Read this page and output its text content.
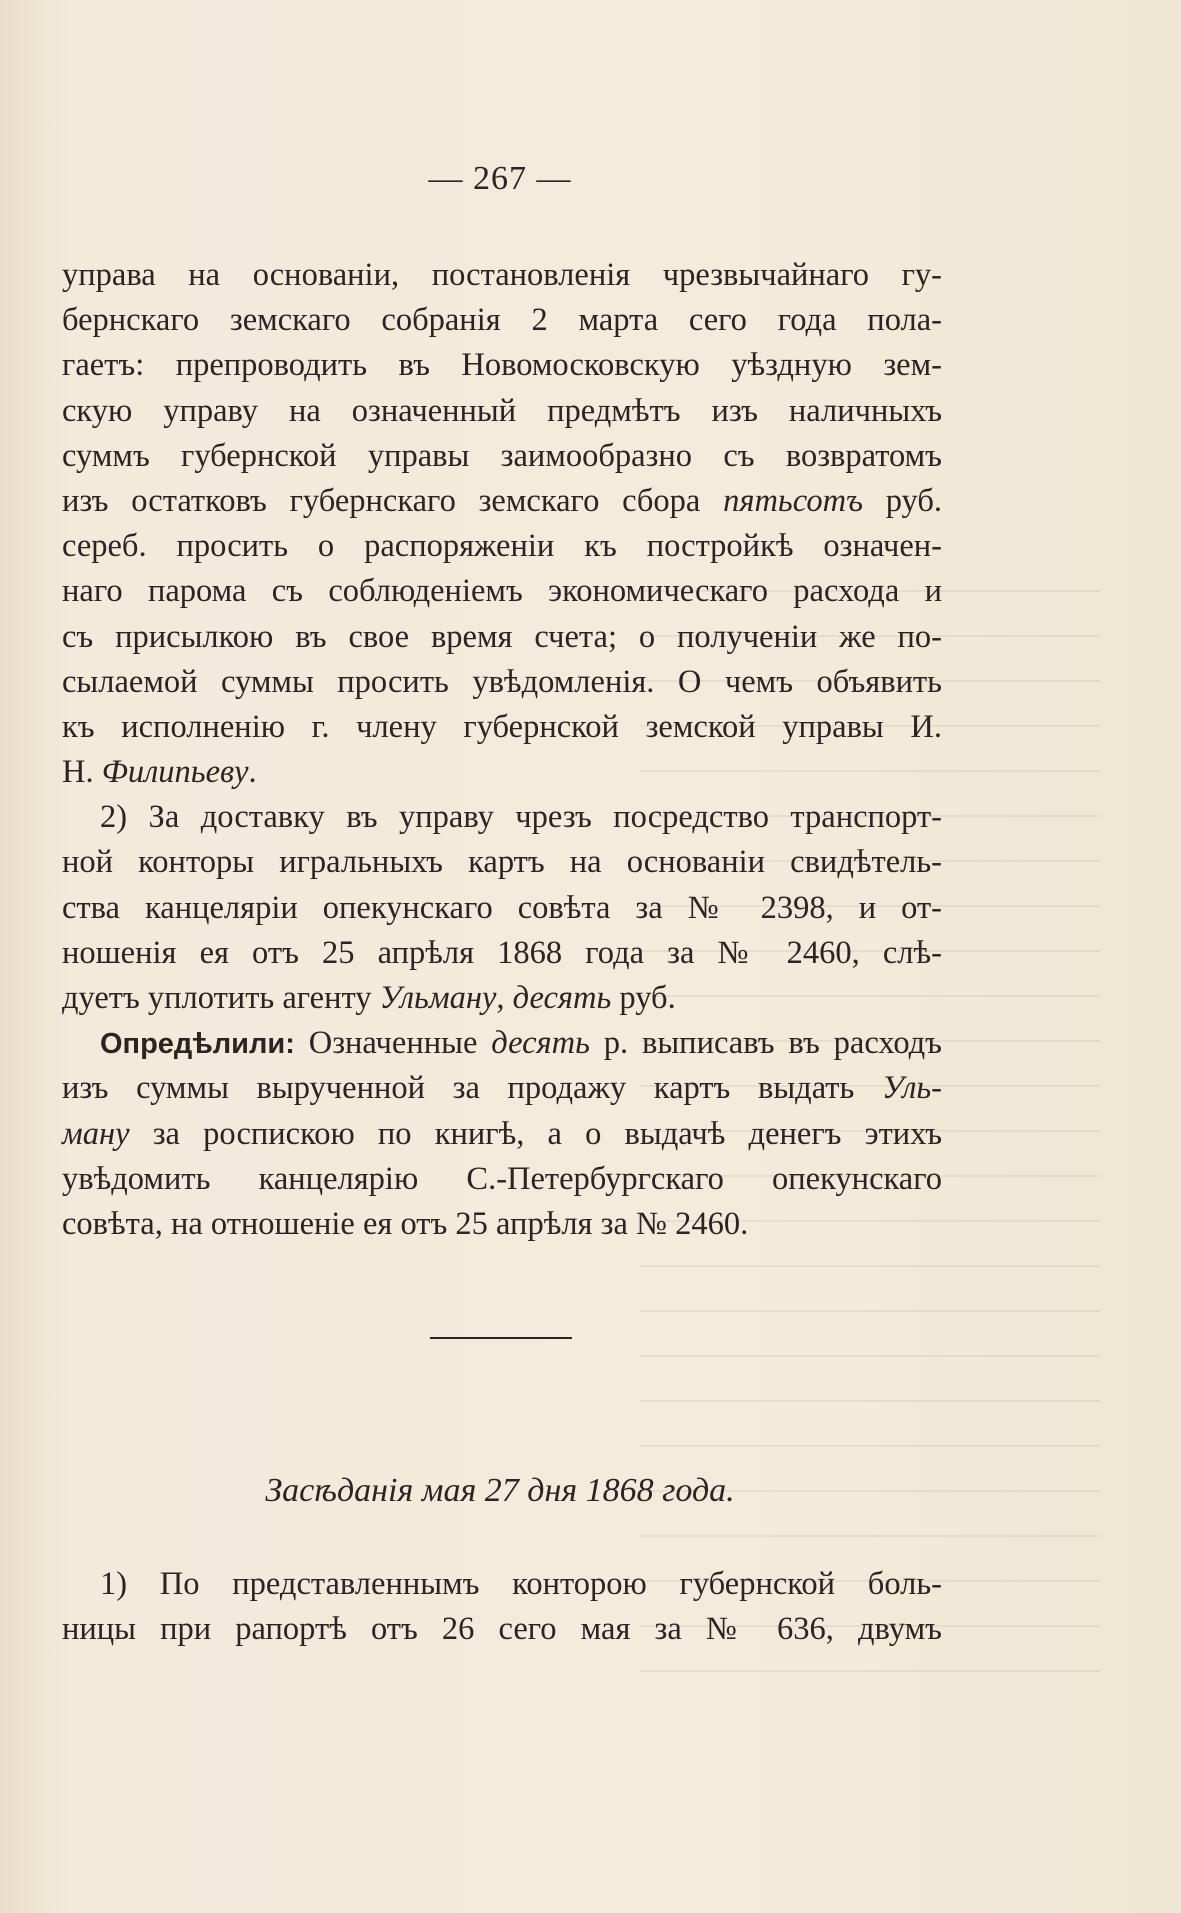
— 267 —
управа на основанiи, постановленiя чрезвычайнаго гу-
бернскаго земскаго собранiя 2 марта сего года пола-
гаетъ: препроводить въ Новомосковскую уѣздную зем-
скую управу на означенный предмѣтъ изъ наличныхъ
суммъ губернской управы заимообразно съ возвратомъ
изъ остатковъ губернскаго земскаго сбора пятьсотъ руб.
сереб. просить о распоряженiи къ постройкѣ означен-
наго парома съ соблюденiемъ экономическаго расхода и
съ присылкою въ свое время счета; о полученiи же по-
сылаемой суммы просить увѣдомленiя. О чемъ объявить
къ исполненiю г. члену губернской земской управы И.
Н. Филипьеву.
2) За доставку въ управу чрезъ посредство транспорт-
ной конторы игральныхъ картъ на основанiи свидѣтель-
ства канцелярiи опекунскаго совѣта за № 2398, и от-
ношенiя ея отъ 25 апрѣля 1868 года за № 2460, слѣ-
дуетъ уплотить агенту Ульману, десять руб.
Опредѣлили: Означенные десять р. выписавъ въ расходъ
изъ суммы вырученной за продажу картъ выдать Уль-
ману за роспискою по книгѣ, а о выдачѣ денегъ этихъ
увѣдомить канцелярiю С.-Петербургскаго опекунскаго
совѣта, на отношенiе ея отъ 25 апрѣля за № 2460.
Засѣданiя мая 27 дня 1868 года.
1) По представленнымъ конторою губернской боль-
ницы при рапортѣ отъ 26 сего мая за № 636, двумъ
